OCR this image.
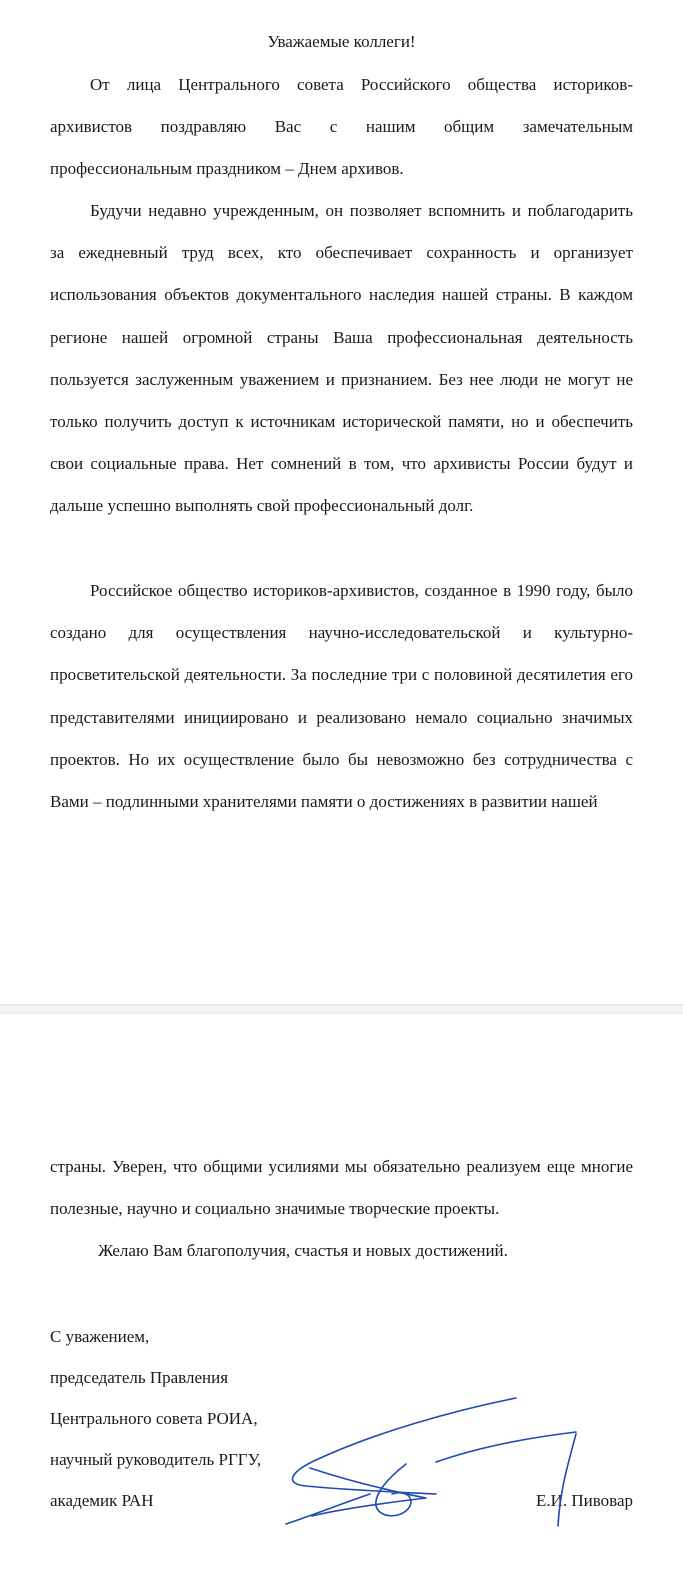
Уважаемые коллеги!

От лица Центрального совета Российского общества историков-архивистов поздравляю Вас с нашим общим замечательным профессиональным праздником – Днем архивов.

Будучи недавно учрежденным, он позволяет вспомнить и поблагодарить за ежедневный труд всех, кто обеспечивает сохранность и организует использования объектов документального наследия нашей страны. В каждом регионе нашей огромной страны Ваша профессиональная деятельность пользуется заслуженным уважением и признанием. Без нее люди не могут не только получить доступ к источникам исторической памяти, но и обеспечить свои социальные права. Нет сомнений в том, что архивисты России будут и дальше успешно выполнять свой профессиональный долг.

Российское общество историков-архивистов, созданное в 1990 году, было создано для осуществления научно-исследовательской и культурно-просветительской деятельности. За последние три с половиной десятилетия его представителями инициировано и реализовано немало социально значимых проектов. Но их осуществление было бы невозможно без сотрудничества с Вами – подлинными хранителями памяти о достижениях в развитии нашей

страны. Уверен, что общими усилиями мы обязательно реализуем еще многие полезные, научно и социально значимые творческие проекты.

Желаю Вам благополучия, счастья и новых достижений.

С уважением,
председатель Правления
Центрального совета РОИА,
научный руководитель РГГУ,
академик РАН	Е.И. Пивовар
